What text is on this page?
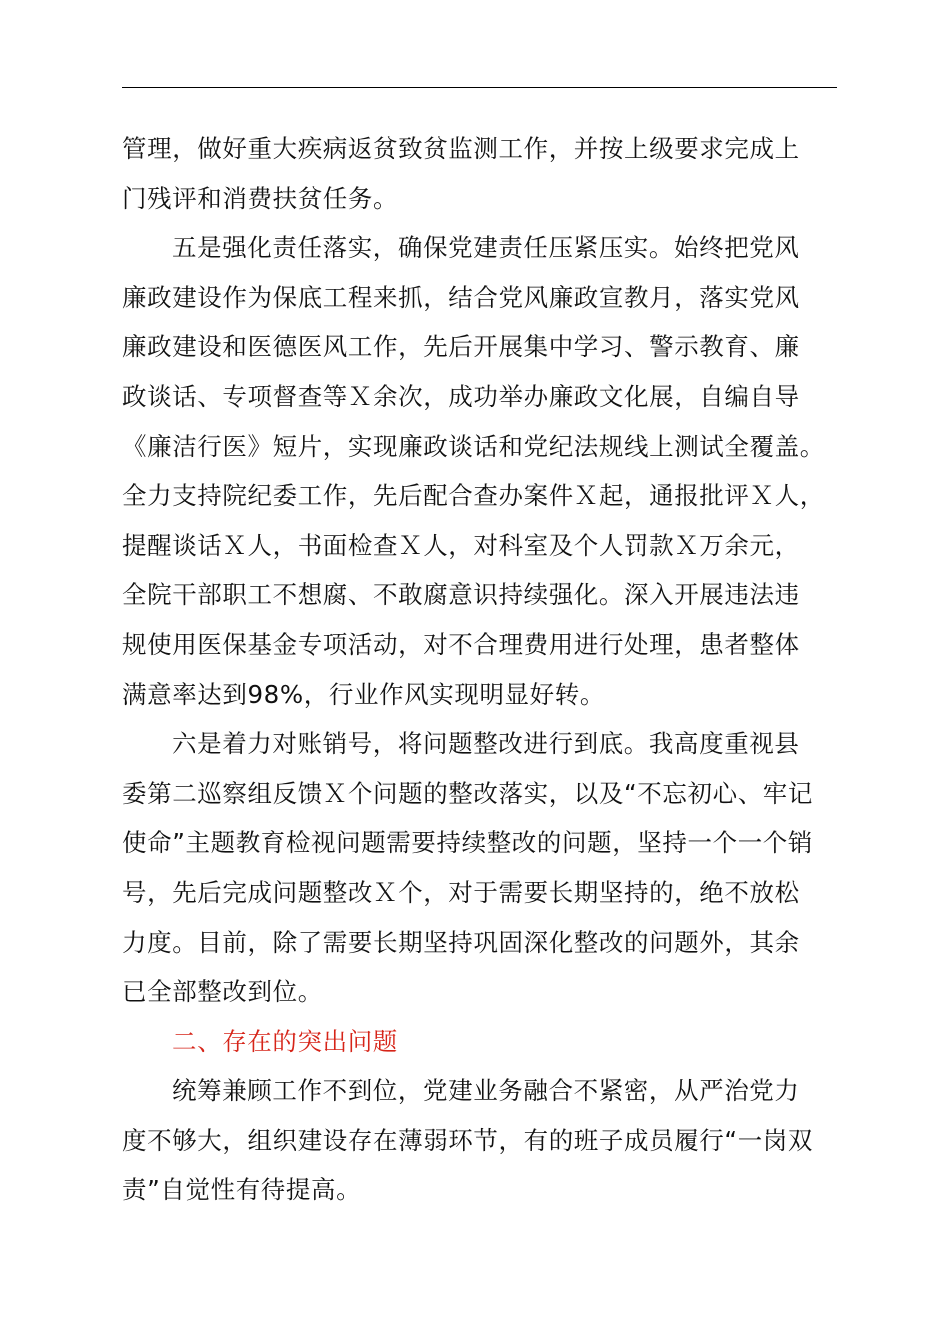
管理，做好重大疾病返贫致贫监测工作，并按上级要求完成上
门残评和消费扶贫任务。

五是强化责任落实，确保党建责任压紧压实。始终把党风
廉政建设作为保底工程来抓，结合党风廉政宣教月，落实党风
廉政建设和医德医风工作，先后开展集中学习、警示教育、廉
政谈话、专项督查等Ｘ余次，成功举办廉政文化展，自编自导
《廉洁行医》短片，实现廉政谈话和党纪法规线上测试全覆盖。
全力支持院纪委工作，先后配合查办案件Ｘ起，通报批评Ｘ人，
提醒谈话Ｘ人，书面检查Ｘ人，对科室及个人罚款Ｘ万余元，
全院干部职工不想腐、不敢腐意识持续强化。深入开展违法违
规使用医保基金专项活动，对不合理费用进行处理，患者整体
满意率达到98%，行业作风实现明显好转。

六是着力对账销号，将问题整改进行到底。我高度重视县
委第二巡察组反馈Ｘ个问题的整改落实，以及“不忘初心、牢记
使命”主题教育检视问题需要持续整改的问题，坚持一个一个销
号，先后完成问题整改Ｘ个，对于需要长期坚持的，绝不放松
力度。目前，除了需要长期坚持巩固深化整改的问题外，其余
已全部整改到位。

二、存在的突出问题

统筹兼顾工作不到位，党建业务融合不紧密，从严治党力
度不够大，组织建设存在薄弱环节，有的班子成员履行“一岗双
责”自觉性有待提高。
